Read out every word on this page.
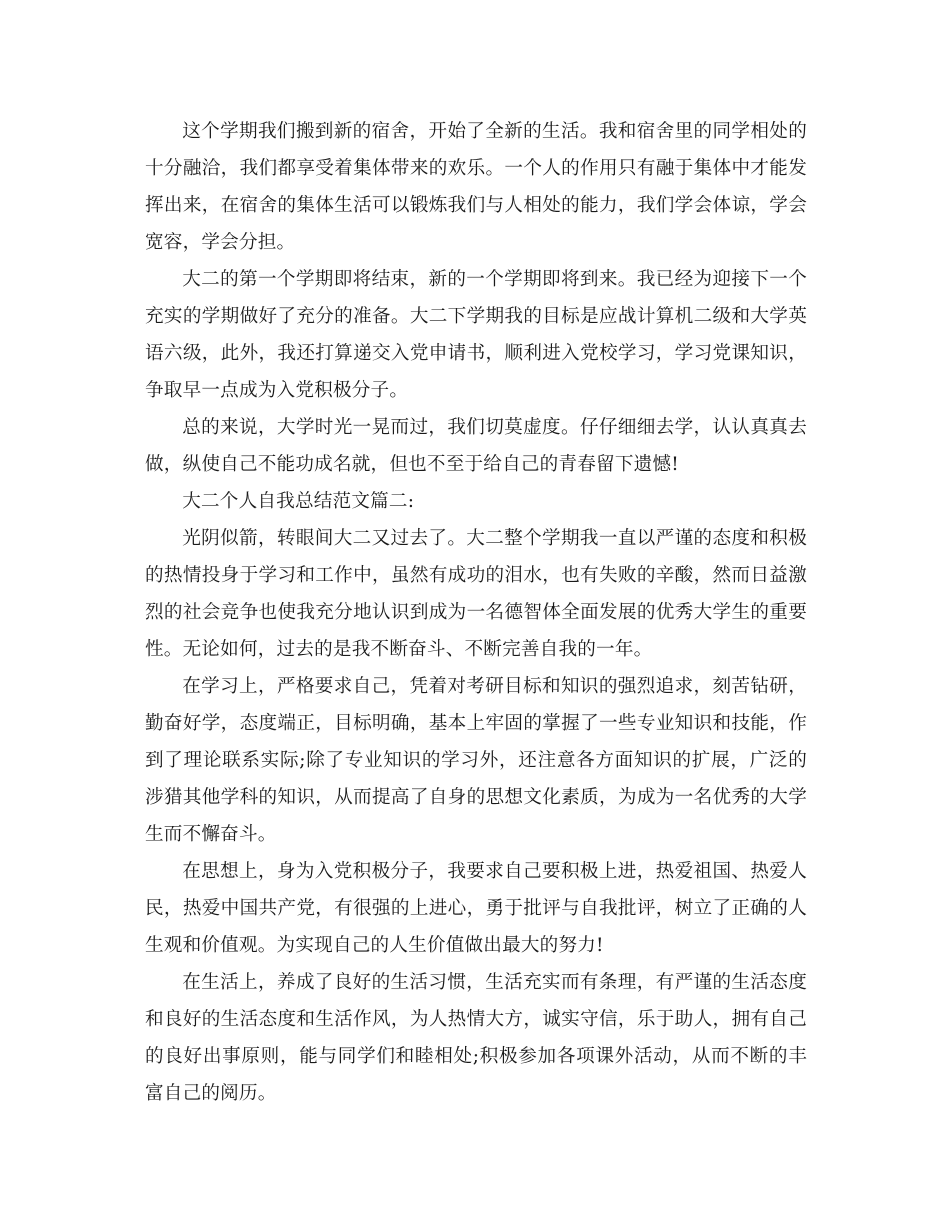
这个学期我们搬到新的宿舍，开始了全新的生活。我和宿舍里的同学相处的十分融洽，我们都享受着集体带来的欢乐。一个人的作用只有融于集体中才能发挥出来，在宿舍的集体生活可以锻炼我们与人相处的能力，我们学会体谅，学会宽容，学会分担。

大二的第一个学期即将结束，新的一个学期即将到来。我已经为迎接下一个充实的学期做好了充分的准备。大二下学期我的目标是应战计算机二级和大学英语六级，此外，我还打算递交入党申请书，顺利进入党校学习，学习党课知识，争取早一点成为入党积极分子。

总的来说，大学时光一晃而过，我们切莫虚度。仔仔细细去学，认认真真去做，纵使自己不能功成名就，但也不至于给自己的青春留下遗憾!

大二个人自我总结范文篇二:

光阴似箭，转眼间大二又过去了。大二整个学期我一直以严谨的态度和积极的热情投身于学习和工作中，虽然有成功的泪水，也有失败的辛酸，然而日益激烈的社会竞争也使我充分地认识到成为一名德智体全面发展的优秀大学生的重要性。无论如何，过去的是我不断奋斗、不断完善自我的一年。

在学习上，严格要求自己，凭着对考研目标和知识的强烈追求，刻苦钻研，勤奋好学，态度端正，目标明确，基本上牢固的掌握了一些专业知识和技能，作到了理论联系实际;除了专业知识的学习外，还注意各方面知识的扩展，广泛的涉猎其他学科的知识，从而提高了自身的思想文化素质，为成为一名优秀的大学生而不懈奋斗。

在思想上，身为入党积极分子，我要求自己要积极上进，热爱祖国、热爱人民，热爱中国共产党，有很强的上进心，勇于批评与自我批评，树立了正确的人生观和价值观。为实现自己的人生价值做出最大的努力!

在生活上，养成了良好的生活习惯，生活充实而有条理，有严谨的生活态度和良好的生活态度和生活作风，为人热情大方，诚实守信，乐于助人，拥有自己的良好出事原则，能与同学们和睦相处;积极参加各项课外活动，从而不断的丰富自己的阅历。
